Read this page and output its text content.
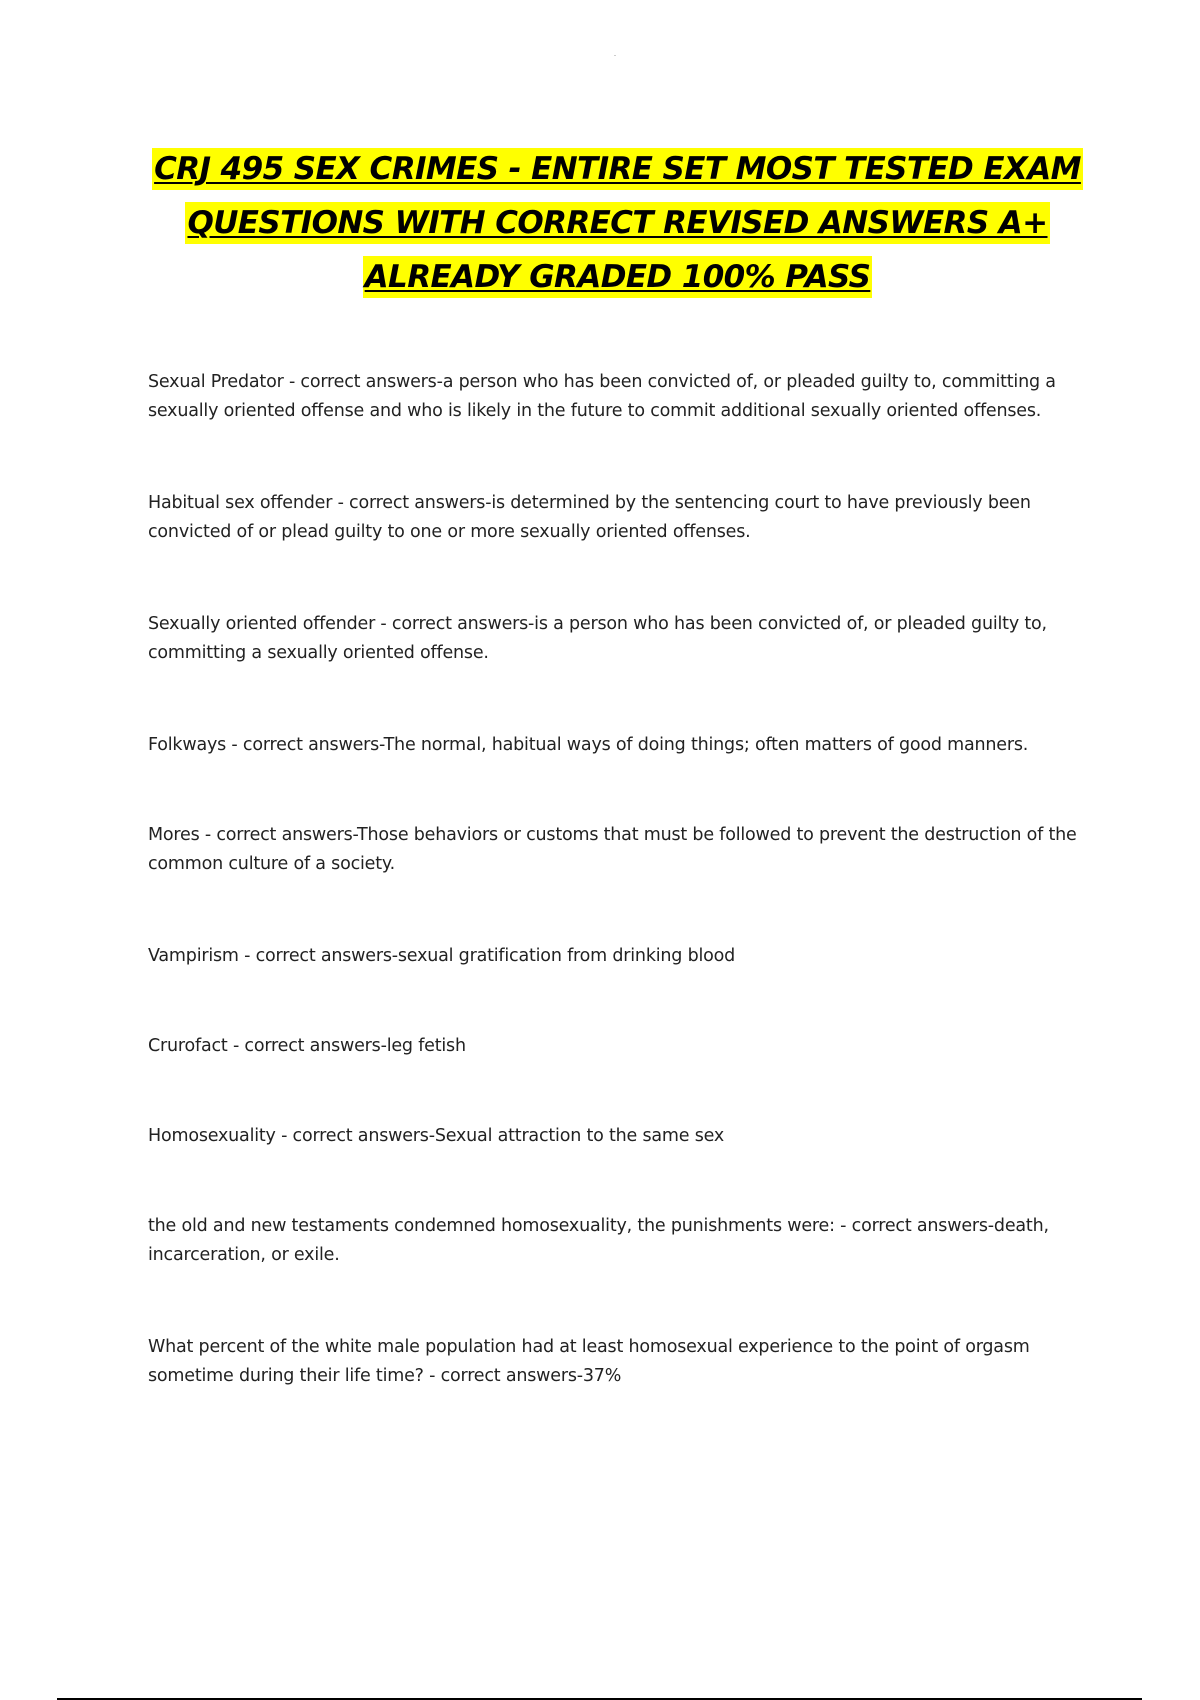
CRJ 495 SEX CRIMES - ENTIRE SET MOST TESTED EXAM
QUESTIONS WITH CORRECT REVISED ANSWERS A+
ALREADY GRADED 100% PASS
Sexual Predator - correct answers-a person who has been convicted of, or pleaded guilty to, committing a sexually oriented offense and who is likely in the future to commit additional sexually oriented offenses.
Habitual sex offender - correct answers-is determined by the sentencing court to have previously been convicted of or plead guilty to one or more sexually oriented offenses.
Sexually oriented offender - correct answers-is a person who has been convicted of, or pleaded guilty to, committing a sexually oriented offense.
Folkways - correct answers-The normal, habitual ways of doing things; often matters of good manners.
Mores - correct answers-Those behaviors or customs that must be followed to prevent the destruction of the common culture of a society.
Vampirism - correct answers-sexual gratification from drinking blood
Crurofact - correct answers-leg fetish
Homosexuality - correct answers-Sexual attraction to the same sex
the old and new testaments condemned homosexuality, the punishments were: - correct answers-death, incarceration, or exile.
What percent of the white male population had at least homosexual experience to the point of orgasm sometime during their life time? - correct answers-37%
